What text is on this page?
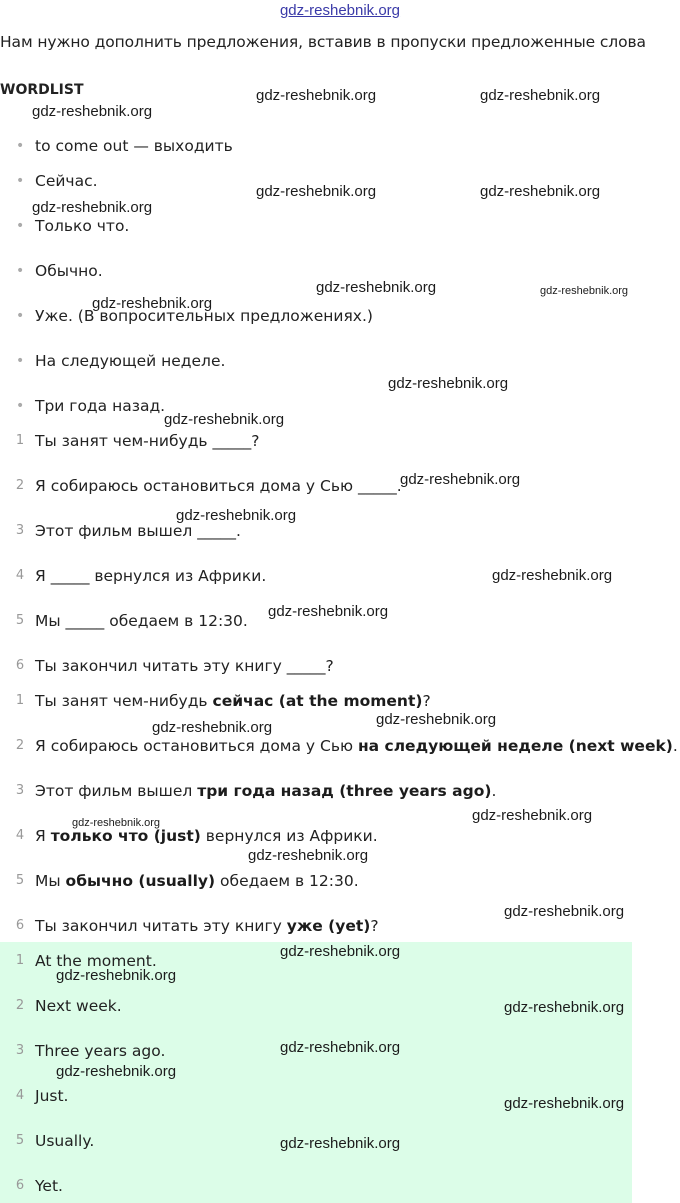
gdz-reshebnik.org
Нам нужно дополнить предложения, вставив в пропуски предложенные слова
WORDLIST
• to come out — выходить
• Сейчас.
• Только что.
• Обычно.
• Уже. (В вопросительных предложениях.)
• На следующей неделе.
• Три года назад.
1 Ты занят чем-нибудь _____?
2 Я собираюсь остановиться дома у Сью _____.
3 Этот фильм вышел _____.
4 Я _____ вернулся из Африки.
5 Мы _____ обедаем в 12:30.
6 Ты закончил читать эту книгу _____?
1 Ты занят чем-нибудь сейчас (at the moment)?
2 Я собираюсь остановиться дома у Сью на следующей неделе (next week).
3 Этот фильм вышел три года назад (three years ago).
4 Я только что (just) вернулся из Африки.
5 Мы обычно (usually) обедаем в 12:30.
6 Ты закончил читать эту книгу уже (yet)?
1 At the moment.
2 Next week.
3 Three years ago.
4 Just.
5 Usually.
6 Yet.
gdz-reshebnik.org
gdz-reshebnik.org	gdz-reshebnik.org
gdz-reshebnik.org	gdz-reshebnik.org
gdz-reshebnik.org
gdz-reshebnik.org
gdz-reshebnik.org	gdz-reshebnik.org
gdz-reshebnik.org
gdz-reshebnik.org
gdz-reshebnik.org
gdz-reshebnik.org
gdz-reshebnik.org
gdz-reshebnik.org
gdz-reshebnik.org	gdz-reshebnik.org
gdz-reshebnik.org	gdz-reshebnik.org
gdz-reshebnik.org
gdz-reshebnik.org
gdz-reshebnik.org
gdz-reshebnik.org
gdz-reshebnik.org
gdz-reshebnik.org
gdz-reshebnik.org
gdz-reshebnik.org
gdz-reshebnik.org
